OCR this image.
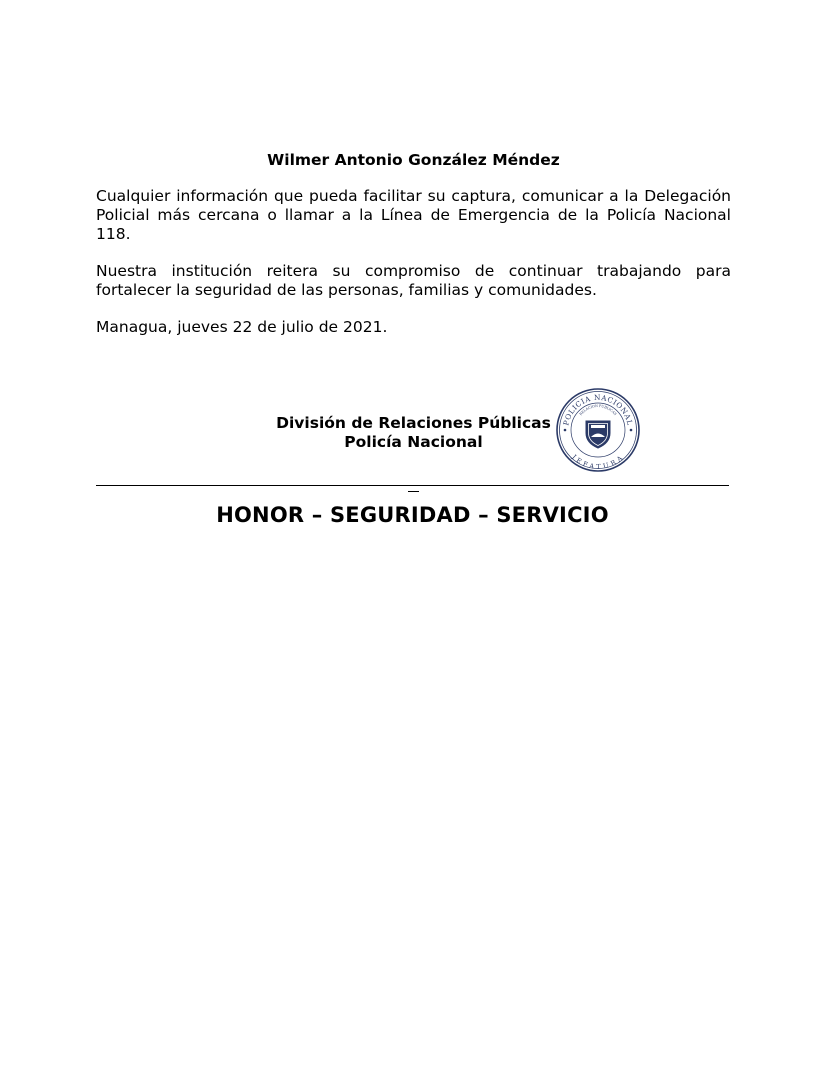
Wilmer Antonio González Méndez

Cualquier información que pueda facilitar su captura, comunicar a la Delegación Policial más cercana o llamar a la Línea de Emergencia de la Policía Nacional 118.

Nuestra institución reitera su compromiso de continuar trabajando para fortalecer la seguridad de las personas, familias y comunidades.

Managua, jueves 22 de julio de 2021.

División de Relaciones Públicas
Policía Nacional
POLICIA NACIONAL
RELACION PUBLICAS
JEFATURA
HONOR – SEGURIDAD – SERVICIO
